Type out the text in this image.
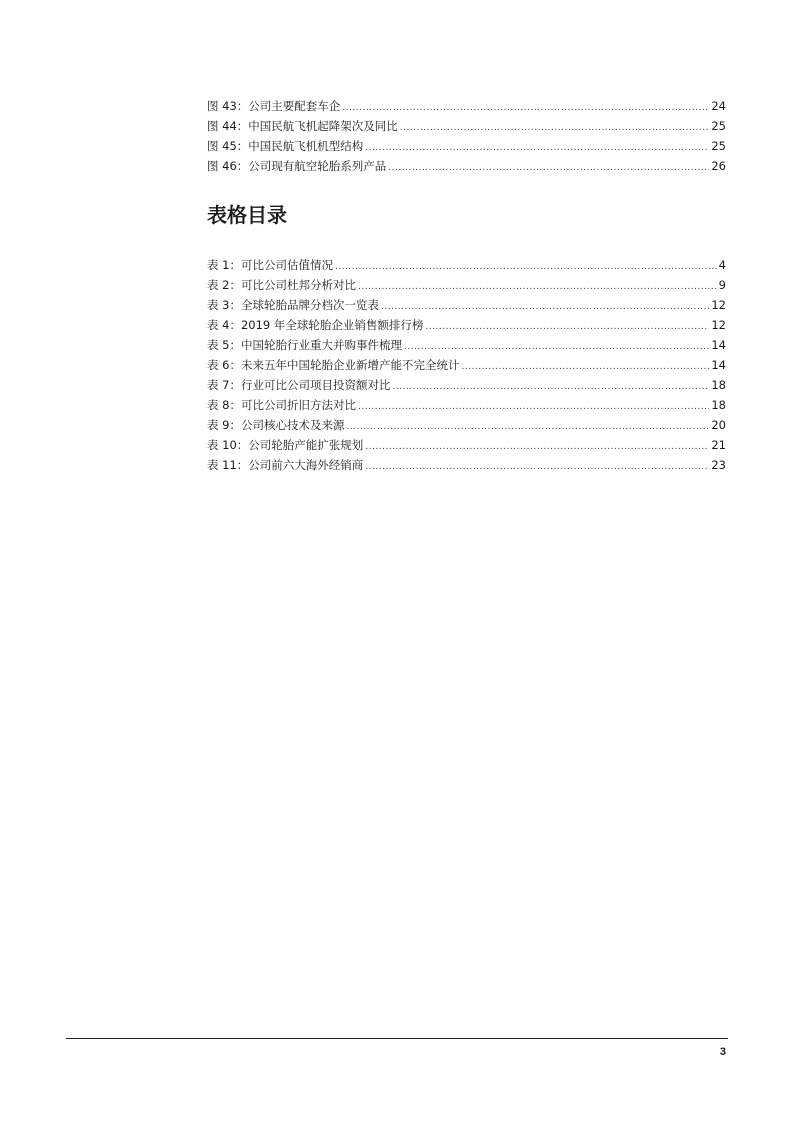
图 43：公司主要配套车企 .....	24
图 44：中国民航飞机起降架次及同比 .....	25
图 45：中国民航飞机机型结构 .....	25
图 46：公司现有航空轮胎系列产品 .....	26
表格目录
表 1：可比公司估值情况 .....	4
表 2：可比公司杜邦分析对比 .....	9
表 3：全球轮胎品牌分档次一览表 .....	12
表 4：2019 年全球轮胎企业销售额排行榜 .....	12
表 5：中国轮胎行业重大并购事件梳理 .....	14
表 6：未来五年中国轮胎企业新增产能不完全统计 .....	14
表 7：行业可比公司项目投资额对比 .....	18
表 8：可比公司折旧方法对比 .....	18
表 9：公司核心技术及来源 .....	20
表 10：公司轮胎产能扩张规划 .....	21
表 11：公司前六大海外经销商 .....	23
3
